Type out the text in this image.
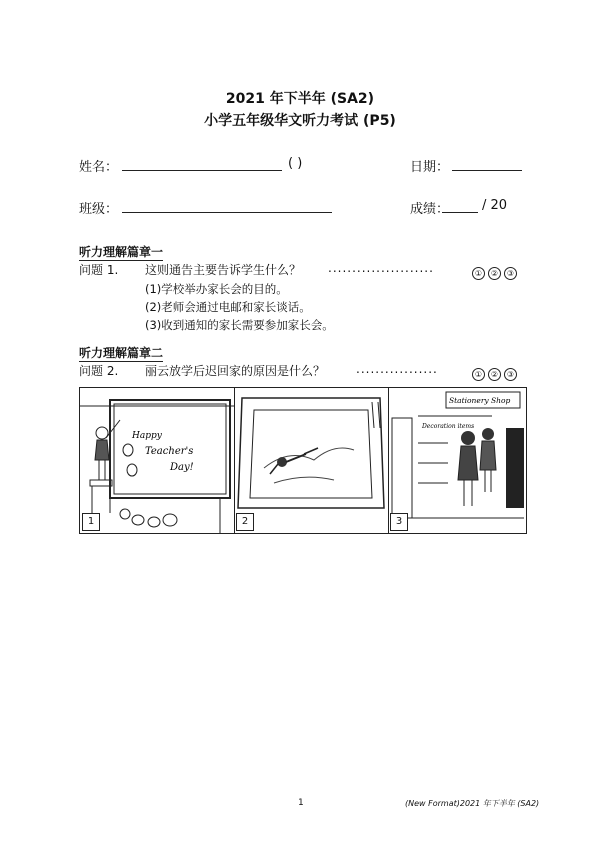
2021 年下半年 (SA2)
小学五年级华文听力考试 (P5)
姓名：	( )	日期：
班级：	成绩：	/ 20
听力理解篇章一
问题 1. 这则通告主要告诉学生什么？ ......................	① ② ③
(1)学校举办家长会的目的。
(2)老师会通过电邮和家长谈话。
(3)收到通知的家长需要参加家长会。
听力理解篇章二
问题 2. 丽云放学后迟回家的原因是什么？	.................	① ② ③
Happy
Teacher's
Day!
1	2
Stationery Shop
Decoration items
3
1	(New Format)2021 年下半年 (SA2)
